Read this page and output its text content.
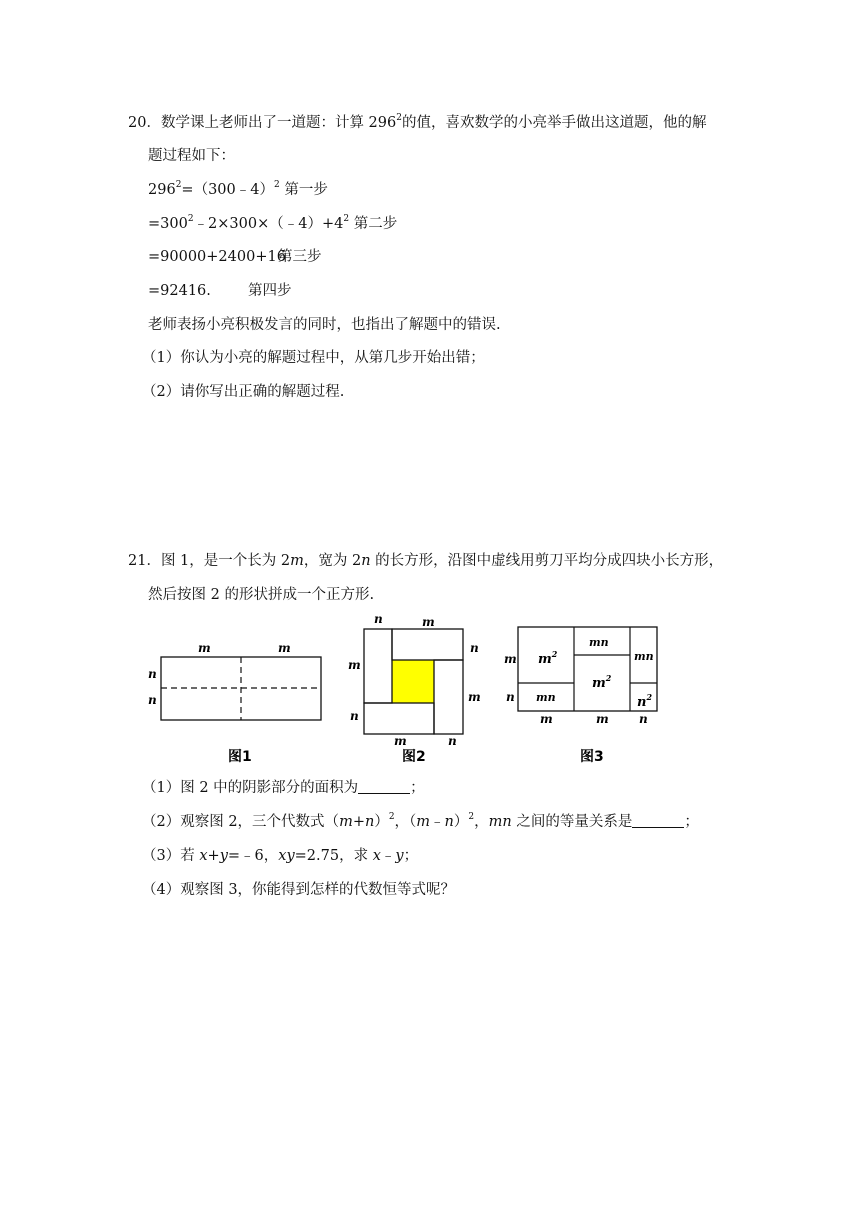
20．数学课上老师出了一道题：计算 $296^2$的值，喜欢数学的小亮举手做出这道题，他的解
题过程如下：
$296^2=(300﹣4)^2$ 第一步
$=300^2﹣2\times 300\times(﹣4)+4^2$ 第二步
=90000+2400+16
第三步
=92416.	第四步
老师表扬小亮积极发言的同时，也指出了解题中的错误.
（1）你认为小亮的解题过程中，从第几步开始出错；
（2）请你写出正确的解题过程.
21．图 1，是一个长为 2m，宽为 2n 的长方形，沿图中虚线用剪刀平均分成四块小长方形，
然后按图 2 的形状拼成一个正方形.
m	m
n
n
图1
n	m
m
n
n
m
m	n
图2
$m^2$
mn
mn
$m^2$
mn	$n^2$
m
n
m	m	n
图3
（1）图 2 中的阴影部分的面积为	；
（2）观察图 2，三个代数式$(m+n)^2$，（m﹣n）$^2$，mn 之间的等量关系是	；
（3）若 x+y=﹣6，xy=2.75，求 x﹣y；
（4）观察图 3，你能得到怎样的代数恒等式呢？
